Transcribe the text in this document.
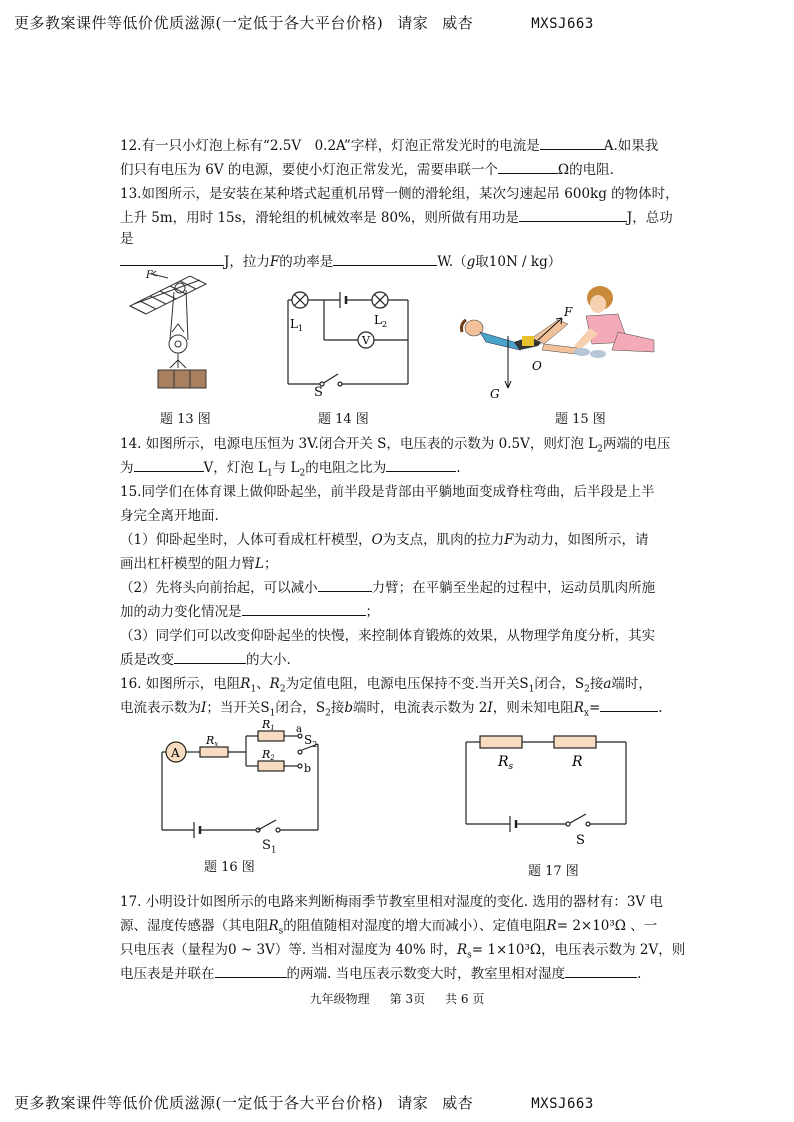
更多教案课件等低价优质滋源(一定低于各大平台价格) 请家 威杏	MXSJ663
12.有一只小灯泡上标有“2.5V　0.2A”字样，灯泡正常发光时的电流是	A.如果我
们只有电压为 6V 的电源，要使小灯泡正常发光，需要串联一个	Ω的电阻.
13.如图所示，是安装在某种塔式起重机吊臂一侧的滑轮组，某次匀速起吊 600kg 的物体时，
上升 5m，用时 15s，滑轮组的机械效率是 80%，则所做有用功是	J，总功
是
J，拉力F的功率是	W.（g取10N / kg）
F
题 13 图
V
$L_1$
$L_2$
S
题 14 图
F
O
G
题 15 图
14. 如图所示，电源电压恒为 3V.闭合开关 S，电压表的示数为 0.5V，则灯泡 $L_2$两端的电压
为	V，灯泡 $L_1$与 $L_2$的电阻之比为	.
15.同学们在体育课上做仰卧起坐，前半段是背部由平躺地面变成脊柱弯曲，后半段是上半
身完全离开地面.
（1）仰卧起坐时，人体可看成杠杆模型，O为支点，肌肉的拉力F为动力，如图所示，请
画出杠杆模型的阻力臂L；
（2）先将头向前抬起，可以减小	力臂；在平躺至坐起的过程中，运动员肌肉所施
加的动力变化情况是	；
（3）同学们可以改变仰卧起坐的快慢，来控制体育锻炼的效果，从物理学角度分析，其实
质是改变	的大小.
16. 如图所示，电阻$R_1$、$R_2$为定值电阻，电源电压保持不变.当开关$S_1$闭合，$S_2$接a端时，
电流表示数为I；当开关$S_1$闭合，$S_2$接b端时，电流表示数为 2I，则未知电阻$R_x=$	.
A
Rx
R1
R2
a
b
$S_2$
$S_1$
题 16 图
$R_s$	R
S
题 17 图
17. 小明设计如图所示的电路来判断梅雨季节教室里相对湿度的变化. 选用的器材有：3V 电
源、湿度传感器（其电阻$R_s$的阻值随相对湿度的增大而减小）、定值电阻R= 2×10³Ω 、一
只电压表（量程为0 ~ 3V）等. 当相对湿度为 40% 时，$R_s= 1\times 10^3\Omega$，电压表示数为 2V，则
电压表是并联在	的两端. 当电压表示数变大时，教室里相对湿度	.
九年级物理 第 3页 共 6 页
更多教案课件等低价优质滋源(一定低于各大平台价格) 请家 威杏	MXSJ663
